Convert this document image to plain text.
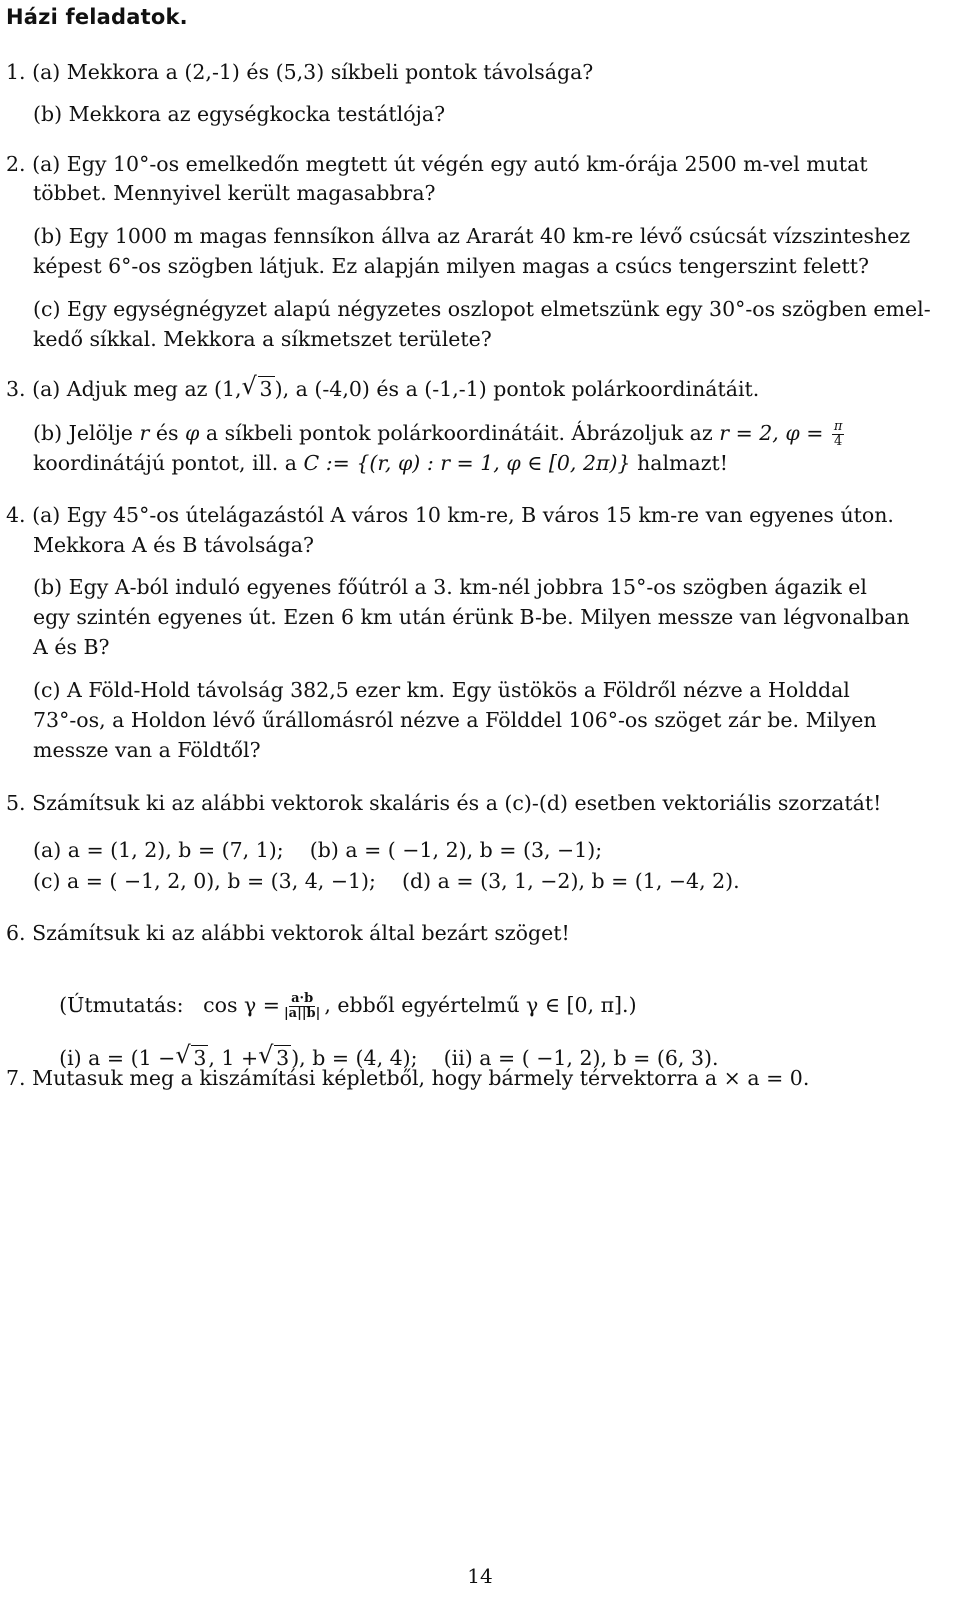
Házi feladatok.
1. (a) Mekkora a (2,-1) és (5,3) síkbeli pontok távolsága?
(b) Mekkora az egységkocka testátlója?
2. (a) Egy 10°-os emelkedőn megtett út végén egy autó km-órája 2500 m-vel mutat
többet. Mennyivel került magasabbra?
(b) Egy 1000 m magas fennsíkon állva az Ararát 40 km-re lévő csúcsát vízszinteshez
képest 6°-os szögben látjuk. Ez alapján milyen magas a csúcs tengerszint felett?
(c) Egy egységnégyzet alapú négyzetes oszlopot elmetszünk egy 30°-os szögben emel-
kedő síkkal. Mekkora a síkmetszet területe?
3. (a) Adjuk meg az (1, √ 3), a (-4,0) és a (-1,-1) pontok polárkoordinátáit.
(b) Jelölje r és φ a síkbeli pontok polárkoordinátáit. Ábrázoljuk az r = 2, $\varphi = \frac{\pi}{4}$
koordinátájú pontot, ill. a C := {(r, φ) : r = 1, φ ∈ [0, 2π)} halmazt!
4. (a) Egy 45°-os útelágazástól A város 10 km-re, B város 15 km-re van egyenes úton.
Mekkora A és B távolsága?
(b) Egy A-ból induló egyenes főútról a 3. km-nél jobbra 15°-os szögben ágazik el
egy szintén egyenes út. Ezen 6 km után érünk B-be. Milyen messze van légvonalban
A és B?
(c) A Föld-Hold távolság 382,5 ezer km. Egy üstökös a Földről nézve a Holddal
73°-os, a Holdon lévő űrállomásról nézve a Földdel 106°-os szöget zár be. Milyen
messze van a Földtől?
5. Számítsuk ki az alábbi vektorok skaláris és a (c)-(d) esetben vektoriális szorzatát!
(a) a = (1, 2), b = (7, 1);    (b) a = ( −1, 2), b = (3, −1);
(c) a = ( −1, 2, 0), b = (3, 4, −1);    (d) a = (3, 1, −2), b = (1, −4, 2).
6. Számítsuk ki az alábbi vektorok által bezárt szöget!

(Útmutatás:   $\cos \gamma = \frac{a\cdot b}{|a||b|}$ , ebből egyértelmű γ ∈ [0, π].)

(i) a = (1 − √ 3, 1 + √ 3), b = (4, 4);    (ii) a = ( −1, 2), b = (6, 3).

7. Mutasuk meg a kiszámítási képletből, hogy bármely térvektorra a × a = 0.
14
